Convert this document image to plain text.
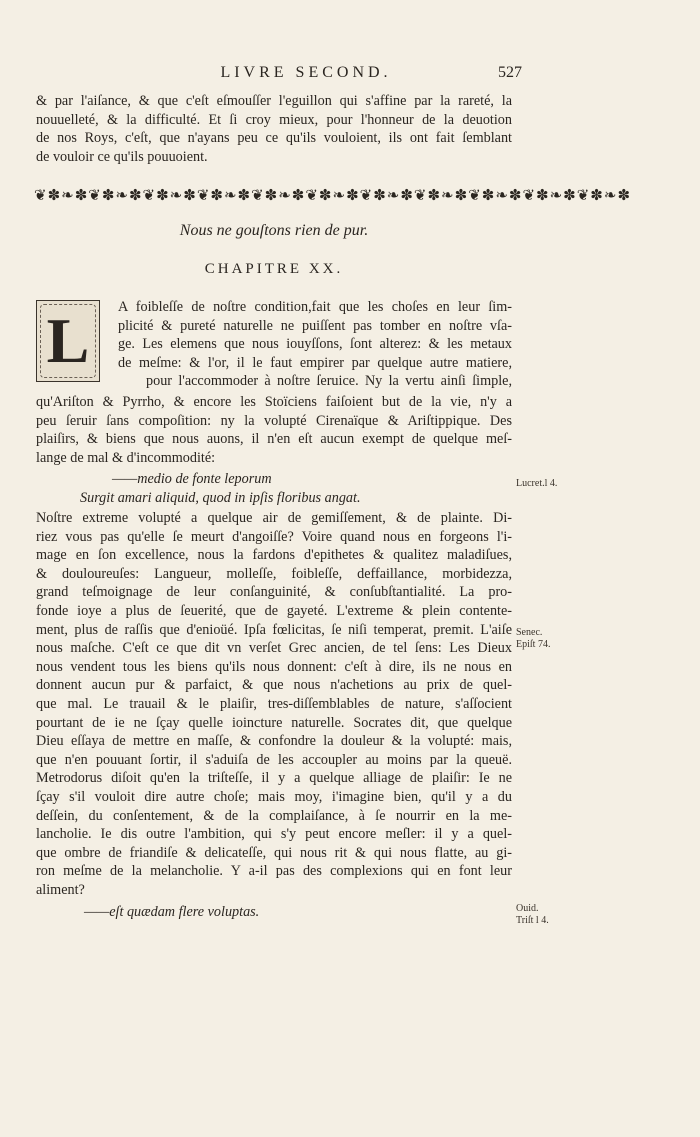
LIVRE SECOND.	527
& par l'aiſance, & que c'eſt eſmouſſer l'eguillon qui s'affine par la rareté, la
nouuelleté, & la difficulté. Et ſi croy mieux, pour l'honneur de la deuotion
de nos Roys, c'eſt, que n'ayans peu ce qu'ils vouloient, ils ont fait ſemblant
de vouloir ce qu'ils pouuoient.
❦✽❧✽❦✽❧✽❦✽❧✽❦✽❧✽❦✽❧✽❦✽❧✽❦✽❧✽❦✽❧✽❦✽❧✽❦✽❧✽❦✽❧✽
Nous ne gouſtons rien de pur.
CHAPITRE XX.
L	A foibleſſe de noſtre condition,fait que les choſes en leur ſim-
plicité & pureté naturelle ne puiſſent pas tomber en noſtre vſa-
ge. Les elemens que nous iouyſſons, ſont alterez: & les metaux
de meſme: & l'or, il le faut empirer par quelque autre matiere,
pour l'accommoder à noſtre ſeruice. Ny la vertu ainſi ſimple,
qu'Ariſton & Pyrrho, & encore les Stoïciens faiſoient but de la vie, n'y a
peu ſeruir ſans compoſition: ny la volupté Cirenaïque & Ariſtippique. Des
plaiſirs, & biens que nous auons, il n'en eſt aucun exempt de quelque meſ-
lange de mal & d'incommodité:
——medio de fonte leporum
Surgit amari aliquid, quod in ipſis floribus angat.
Noſtre extreme volupté a quelque air de gemiſſement, & de plainte. Di-
riez vous pas qu'elle ſe meurt d'angoiſſe? Voire quand nous en forgeons l'i-
mage en ſon excellence, nous la fardons d'epithetes & qualitez maladiſues,
& douloureuſes: Langueur, molleſſe, foibleſſe, deffaillance, morbidezza,
grand teſmoignage de leur conſanguinité, & conſubſtantialité. La pro-
fonde ioye a plus de ſeuerité, que de gayeté. L'extreme & plein contente-
ment, plus de raſſis que d'enioüé. Ipſa fœlicitas, ſe niſi temperat, premit. L'aiſe
nous maſche. C'eſt ce que dit vn verſet Grec ancien, de tel ſens: Les Dieux
nous vendent tous les biens qu'ils nous donnent: c'eſt à dire, ils ne nous en
donnent aucun pur & parfaict, & que nous n'achetions au prix de quel-
que mal. Le trauail & le plaiſir, tres-diſſemblables de nature, s'aſſocient
pourtant de ie ne ſçay quelle ioincture naturelle. Socrates dit, que quelque
Dieu eſſaya de mettre en maſſe, & confondre la douleur & la volupté: mais,
que n'en pouuant ſortir, il s'aduiſa de les accoupler au moins par la queuë.
Metrodorus diſoit qu'en la triſteſſe, il y a quelque alliage de plaiſir: Ie ne
ſçay s'il vouloit dire autre choſe; mais moy, i'imagine bien, qu'il y a du
deſſein, du conſentement, & de la complaiſance, à ſe nourrir en la me-
lancholie. Ie dis outre l'ambition, qui s'y peut encore meſler: il y a quel-
que ombre de friandiſe & delicateſſe, qui nous rit & qui nous flatte, au gi-
ron meſme de la melancholie. Y a-il pas des complexions qui en font leur
aliment?
——eſt quædam flere voluptas.
Lucret.l 4.
Senec.
Epiſt 74.
Ouid.
Triſt l 4.
